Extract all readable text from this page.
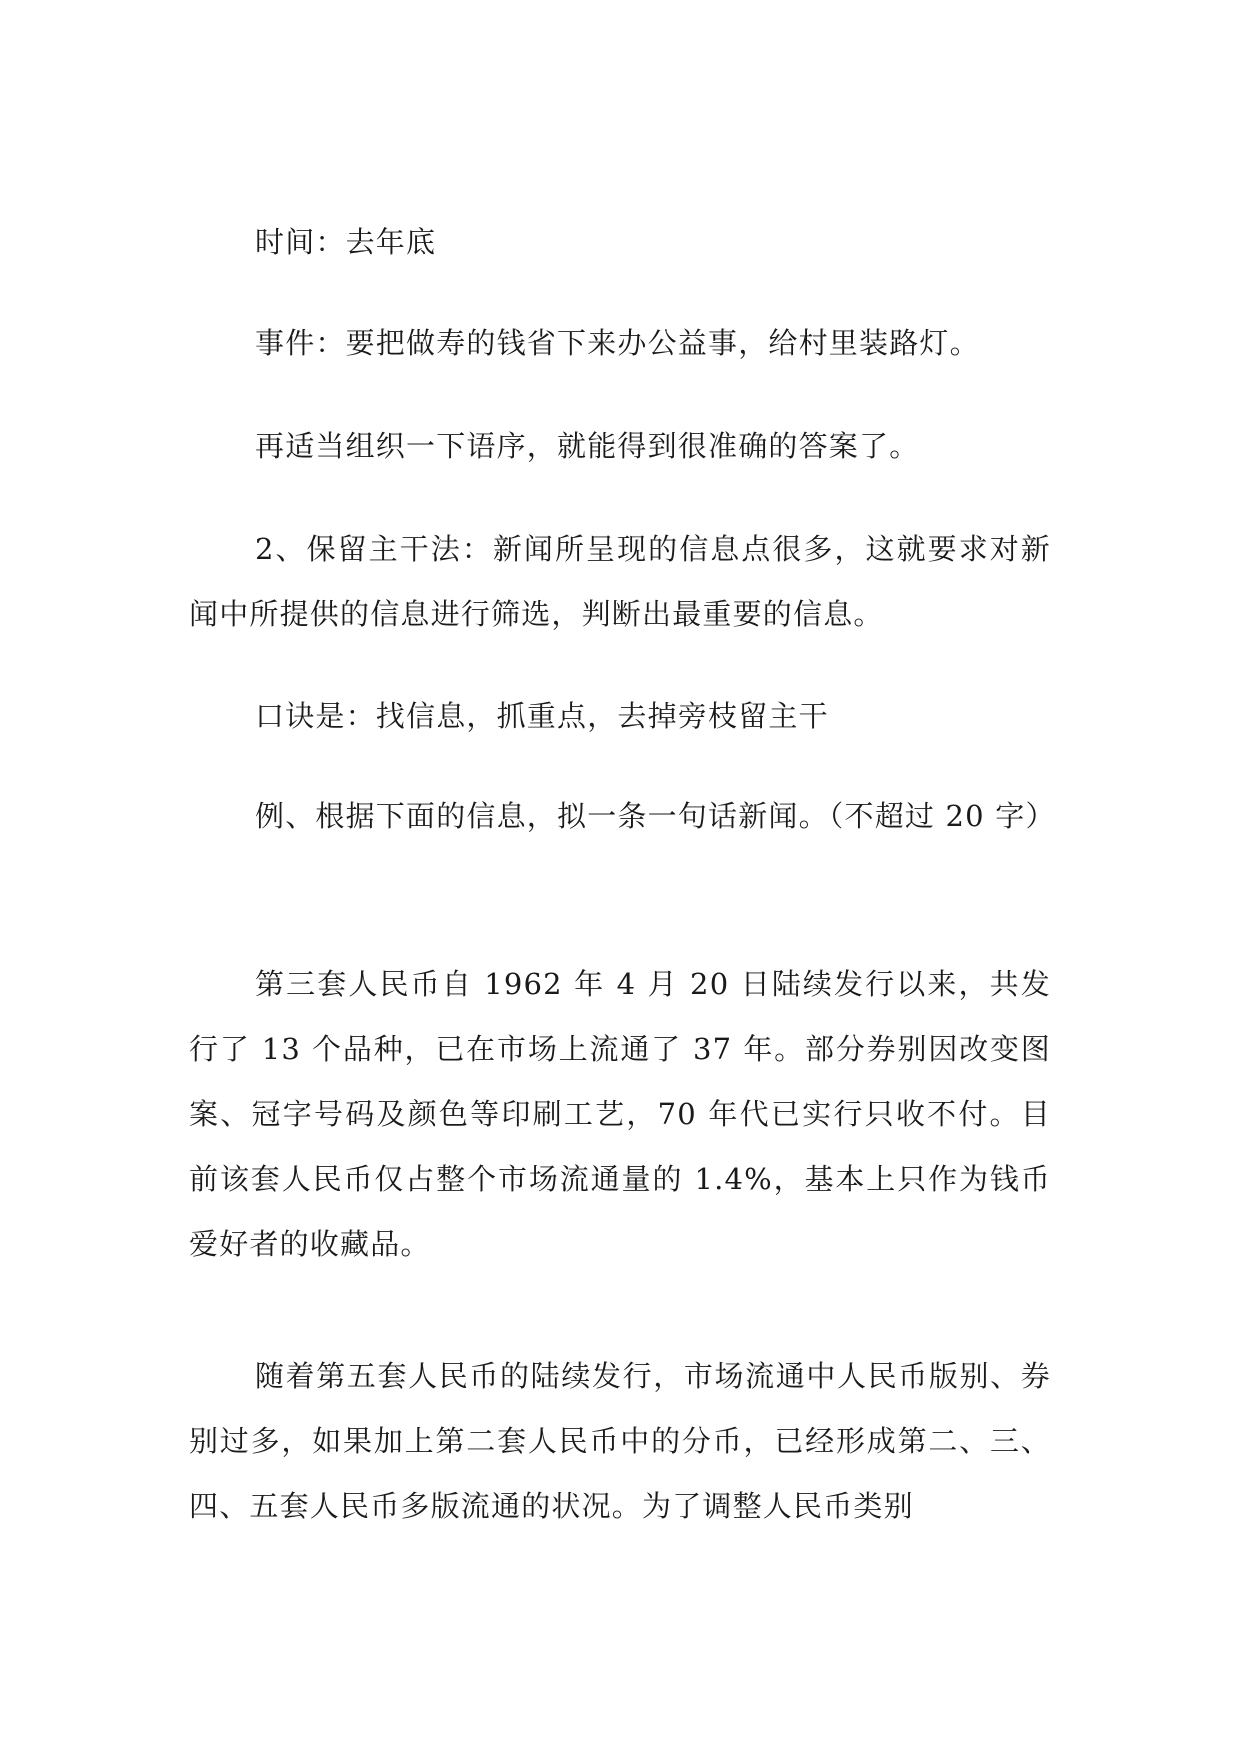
时间：去年底

事件：要把做寿的钱省下来办公益事，给村里装路灯。

再适当组织一下语序，就能得到很准确的答案了。

2、保留主干法：新闻所呈现的信息点很多，这就要求对新闻中所提供的信息进行筛选，判断出最重要的信息。

口诀是：找信息，抓重点，去掉旁枝留主干

例、根据下面的信息，拟一条一句话新闻。（不超过 20 字）

第三套人民币自 1962 年 4 月 20 日陆续发行以来，共发行了 13 个品种，已在市场上流通了 37 年。部分券别因改变图案、冠字号码及颜色等印刷工艺，70 年代已实行只收不付。目前该套人民币仅占整个市场流通量的 1.4%，基本上只作为钱币爱好者的收藏品。

随着第五套人民币的陆续发行，市场流通中人民币版别、券别过多，如果加上第二套人民币中的分币，已经形成第二、三、四、五套人民币多版流通的状况。为了调整人民币类别
